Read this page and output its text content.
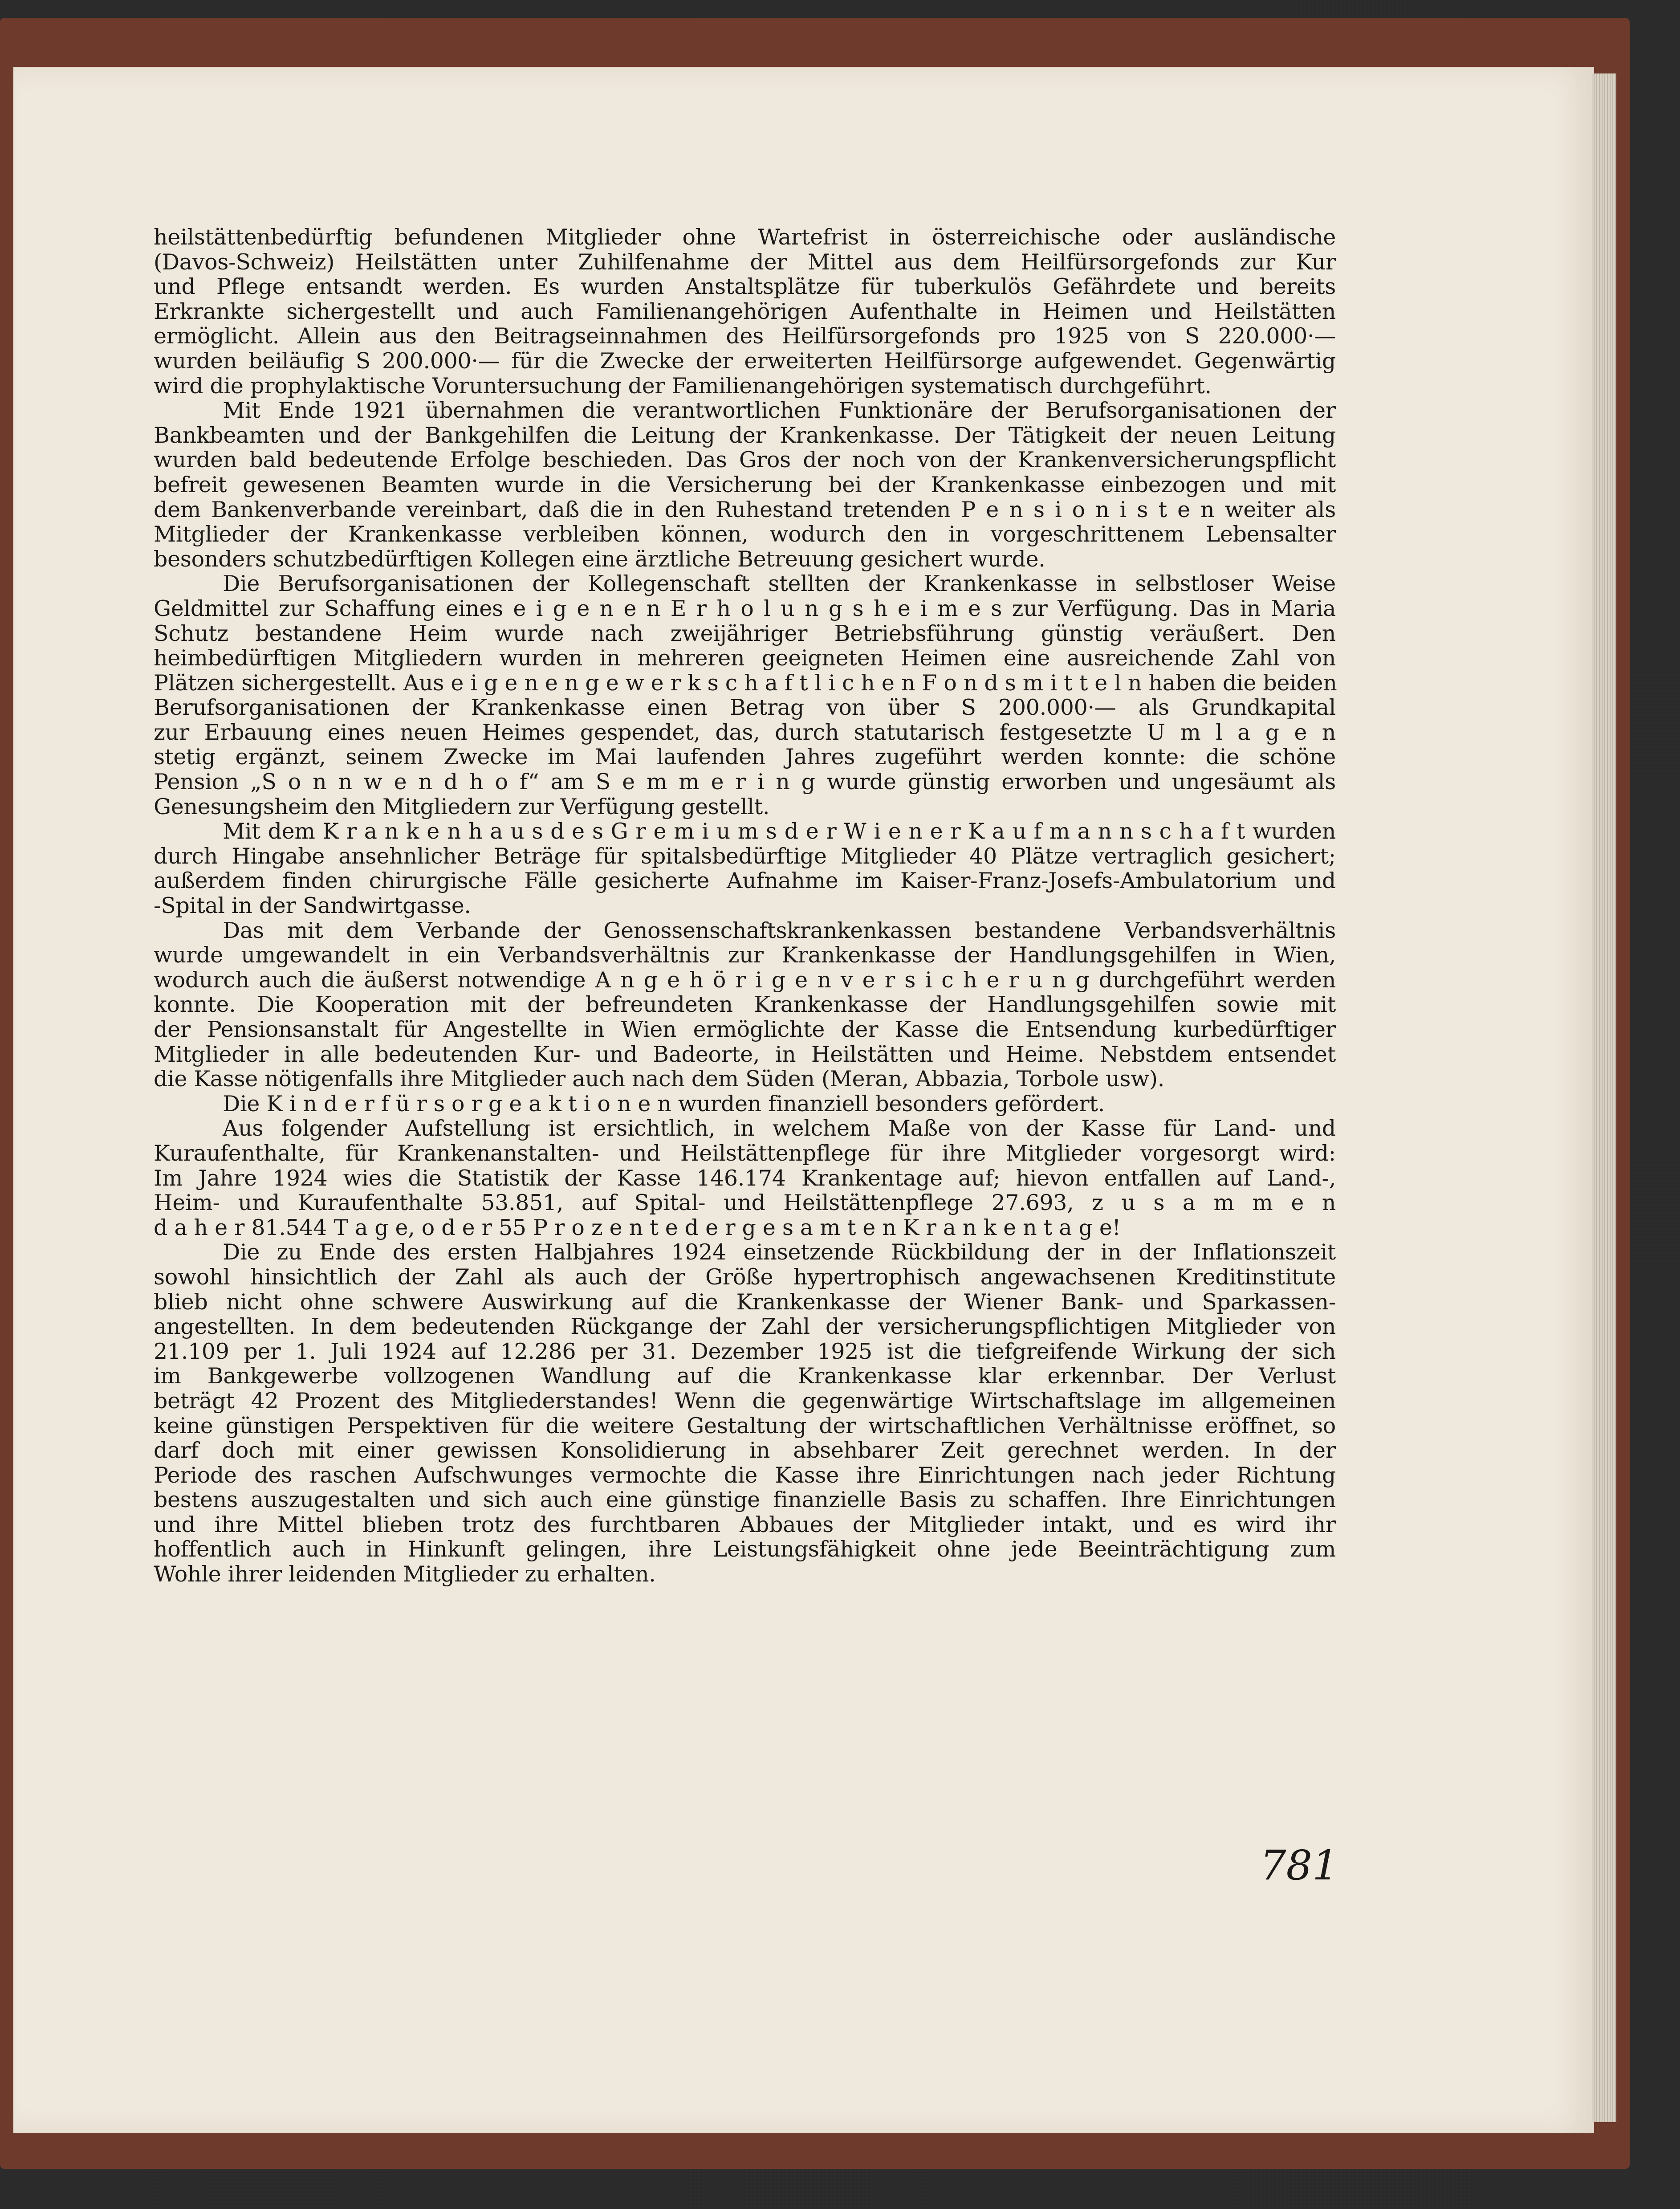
heilstättenbedürftig befundenen Mitglieder ohne Wartefrist in österreichische oder ausländische
(Davos-Schweiz) Heilstätten unter Zuhilfenahme der Mittel aus dem Heilfürsorgefonds zur Kur
und Pflege entsandt werden. Es wurden Anstaltsplätze für tuberkulös Gefährdete und bereits
Erkrankte sichergestellt und auch Familienangehörigen Aufenthalte in Heimen und Heilstätten
ermöglicht. Allein aus den Beitragseinnahmen des Heilfürsorgefonds pro 1925 von S 220.000·—
wurden beiläufig S 200.000·— für die Zwecke der erweiterten Heilfürsorge aufgewendet. Gegenwärtig
wird die prophylaktische Voruntersuchung der Familienangehörigen systematisch durchgeführt.
Mit Ende 1921 übernahmen die verantwortlichen Funktionäre der Berufsorganisationen der
Bankbeamten und der Bankgehilfen die Leitung der Krankenkasse. Der Tätigkeit der neuen Leitung
wurden bald bedeutende Erfolge beschieden. Das Gros der noch von der Krankenversicherungspflicht
befreit gewesenen Beamten wurde in die Versicherung bei der Krankenkasse einbezogen und mit
dem Bankenverbande vereinbart, daß die in den Ruhestand tretenden P e n s i o n i s t e n weiter als
Mitglieder der Krankenkasse verbleiben können, wodurch den in vorgeschrittenem Lebensalter
besonders schutzbedürftigen Kollegen eine ärztliche Betreuung gesichert wurde.
Die Berufsorganisationen der Kollegenschaft stellten der Krankenkasse in selbstloser Weise
Geldmittel zur Schaffung eines e i g e n e n E r h o l u n g s h e i m e s zur Verfügung. Das in Maria
Schutz bestandene Heim wurde nach zweijähriger Betriebsführung günstig veräußert. Den
heimbedürftigen Mitgliedern wurden in mehreren geeigneten Heimen eine ausreichende Zahl von
Plätzen sichergestellt. Aus e i g e n e n g e w e r k s c h a f t l i c h e n F o n d s m i t t e l n haben die beiden
Berufsorganisationen der Krankenkasse einen Betrag von über S 200.000·— als Grundkapital
zur Erbauung eines neuen Heimes gespendet, das, durch statutarisch festgesetzte U m l a g e n
stetig ergänzt, seinem Zwecke im Mai laufenden Jahres zugeführt werden konnte: die schöne
Pension „S o n n w e n d h o f“ am S e m m e r i n g wurde günstig erworben und ungesäumt als
Genesungsheim den Mitgliedern zur Verfügung gestellt.
Mit dem K r a n k e n h a u s d e s G r e m i u m s d e r W i e n e r K a u f m a n n s c h a f t wurden
durch Hingabe ansehnlicher Beträge für spitalsbedürftige Mitglieder 40 Plätze vertraglich gesichert;
außerdem finden chirurgische Fälle gesicherte Aufnahme im Kaiser-Franz-Josefs-Ambulatorium und
-Spital in der Sandwirtgasse.
Das mit dem Verbande der Genossenschaftskrankenkassen bestandene Verbandsverhältnis
wurde umgewandelt in ein Verbandsverhältnis zur Krankenkasse der Handlungsgehilfen in Wien,
wodurch auch die äußerst notwendige A n g e h ö r i g e n v e r s i c h e r u n g durchgeführt werden
konnte. Die Kooperation mit der befreundeten Krankenkasse der Handlungsgehilfen sowie mit
der Pensionsanstalt für Angestellte in Wien ermöglichte der Kasse die Entsendung kurbedürftiger
Mitglieder in alle bedeutenden Kur- und Badeorte, in Heilstätten und Heime. Nebstdem entsendet
die Kasse nötigenfalls ihre Mitglieder auch nach dem Süden (Meran, Abbazia, Torbole usw).
Die K i n d e r f ü r s o r g e a k t i o n e n wurden finanziell besonders gefördert.
Aus folgender Aufstellung ist ersichtlich, in welchem Maße von der Kasse für Land- und
Kuraufenthalte, für Krankenanstalten- und Heilstättenpflege für ihre Mitglieder vorgesorgt wird:
Im Jahre 1924 wies die Statistik der Kasse 146.174 Krankentage auf; hievon entfallen auf Land-,
Heim- und Kuraufenthalte 53.851, auf Spital- und Heilstättenpflege 27.693, z u s a m m e n
d a h e r 81.544 T a g e, o d e r 55 P r o z e n t e d e r g e s a m t e n K r a n k e n t a g e!
Die zu Ende des ersten Halbjahres 1924 einsetzende Rückbildung der in der Inflationszeit
sowohl hinsichtlich der Zahl als auch der Größe hypertrophisch angewachsenen Kreditinstitute
blieb nicht ohne schwere Auswirkung auf die Krankenkasse der Wiener Bank- und Sparkassen-
angestellten. In dem bedeutenden Rückgange der Zahl der versicherungspflichtigen Mitglieder von
21.109 per 1. Juli 1924 auf 12.286 per 31. Dezember 1925 ist die tiefgreifende Wirkung der sich
im Bankgewerbe vollzogenen Wandlung auf die Krankenkasse klar erkennbar. Der Verlust
beträgt 42 Prozent des Mitgliederstandes! Wenn die gegenwärtige Wirtschaftslage im allgemeinen
keine günstigen Perspektiven für die weitere Gestaltung der wirtschaftlichen Verhältnisse eröffnet, so
darf doch mit einer gewissen Konsolidierung in absehbarer Zeit gerechnet werden. In der
Periode des raschen Aufschwunges vermochte die Kasse ihre Einrichtungen nach jeder Richtung
bestens auszugestalten und sich auch eine günstige finanzielle Basis zu schaffen. Ihre Einrichtungen
und ihre Mittel blieben trotz des furchtbaren Abbaues der Mitglieder intakt, und es wird ihr
hoffentlich auch in Hinkunft gelingen, ihre Leistungsfähigkeit ohne jede Beeinträchtigung zum
Wohle ihrer leidenden Mitglieder zu erhalten.
781
